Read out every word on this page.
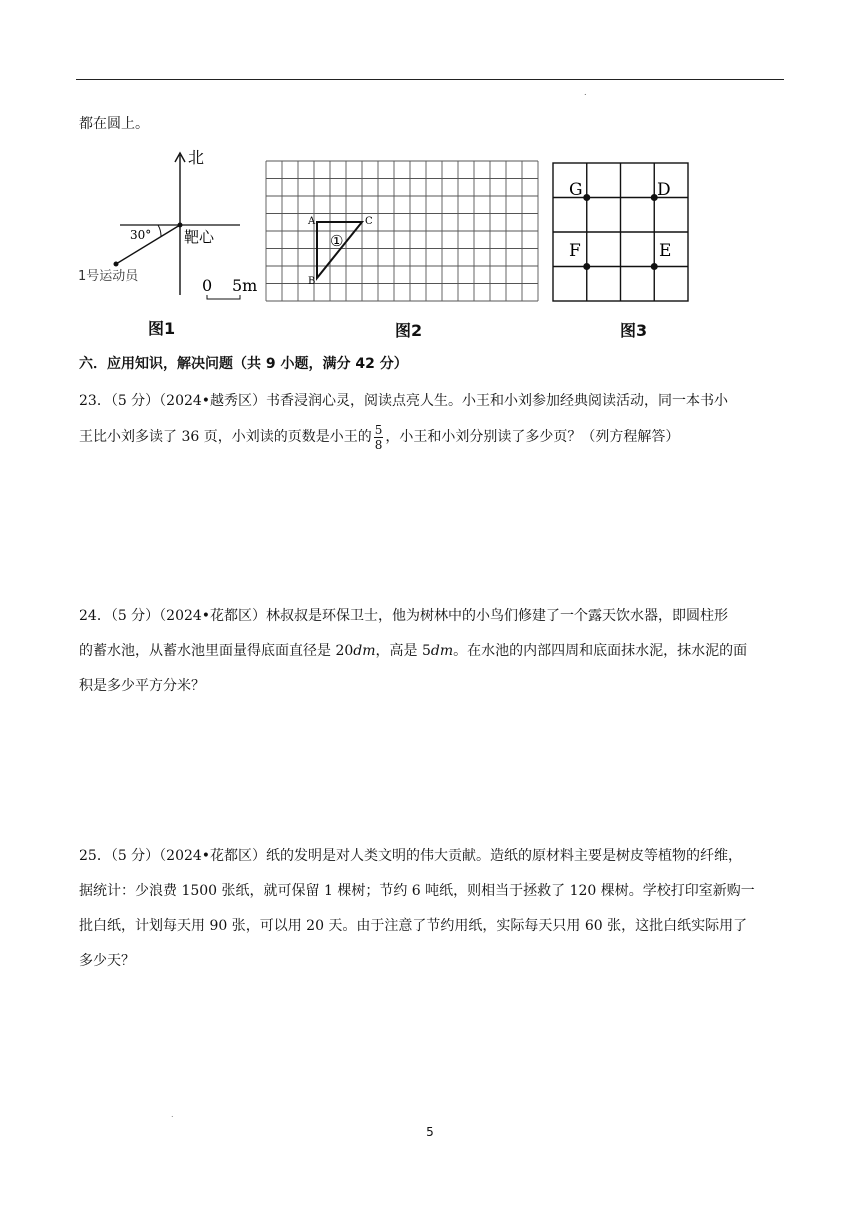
.
都在圆上。
北
30° 靶心
1号运动员	0 5m
A	C
B
①
G	D
F	E
图1	图2	图3
六．应用知识，解决问题（共 9 小题，满分 42 分）
23．（5 分）（2024•越秀区）书香浸润心灵，阅读点亮人生。小王和小刘参加经典阅读活动，同一本书小
王比小刘多读了 36 页，小刘读的页数是小王的 $\frac{5}{8}$ ，小王和小刘分别读了多少页？（列方程解答）
24．（5 分）（2024•花都区）林叔叔是环保卫士，他为树林中的小鸟们修建了一个露天饮水器，即圆柱形
的蓄水池，从蓄水池里面量得底面直径是 20dm，高是 5dm。在水池的内部四周和底面抹水泥，抹水泥的面
积是多少平方分米？
25．（5 分）（2024•花都区）纸的发明是对人类文明的伟大贡献。造纸的原材料主要是树皮等植物的纤维，
据统计：少浪费 1500 张纸，就可保留 1 棵树；节约 6 吨纸，则相当于拯救了 120 棵树。学校打印室新购一
批白纸，计划每天用 90 张，可以用 20 天。由于注意了节约用纸，实际每天只用 60 张，这批白纸实际用了
多少天？
.
5
